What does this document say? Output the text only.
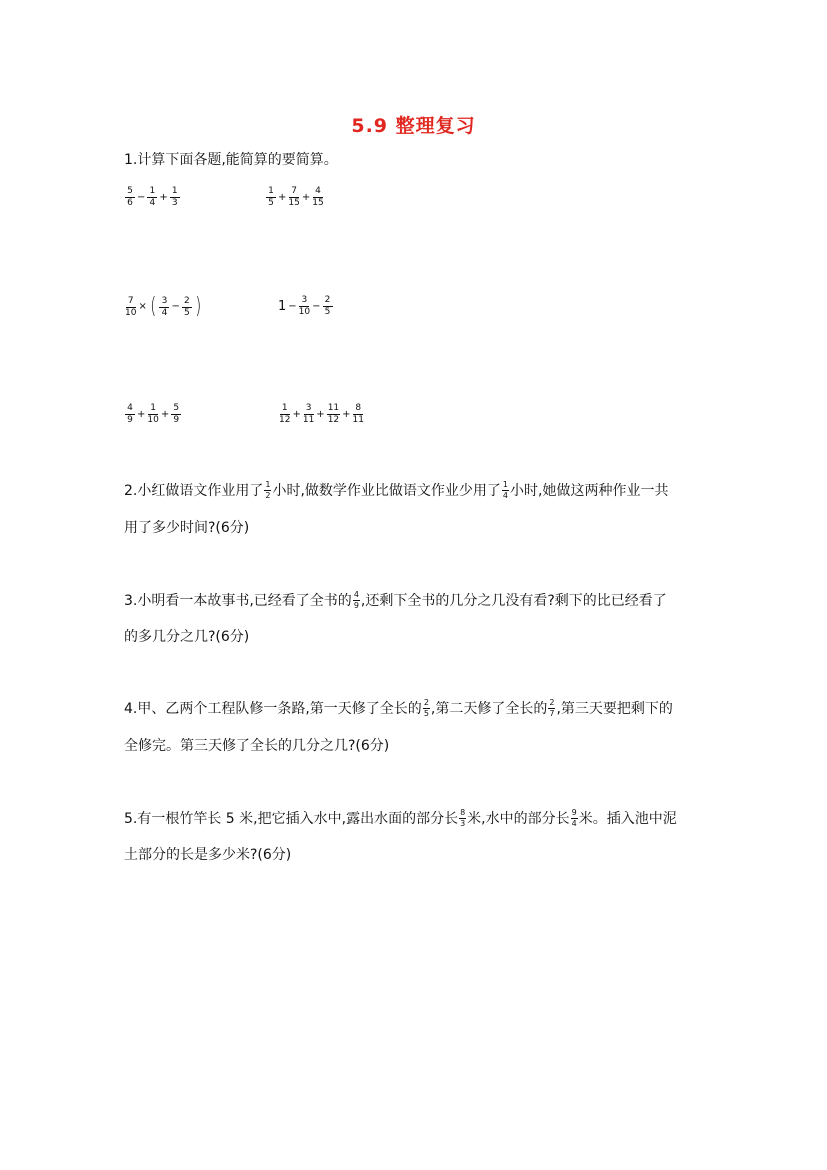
5.9 整理复习
1.计算下面各题,能简算的要简算。
$\frac{5}{6} - \frac{1}{4} + \frac{1}{3}$	$\frac{1}{5} + \frac{7}{15} + \frac{4}{15}$
$\frac{7}{10}$ × ( $\frac{3}{4} - \frac{2}{5}$ )	$1 - \frac{3}{10} - \frac{2}{5}$
$\frac{4}{9} + \frac{1}{10} + \frac{5}{9}$	$\frac{1}{12} + \frac{3}{11} + \frac{11}{12} + \frac{8}{11}$
2.小红做语文作业用了 $\frac{1}{2}$ 小时,做数学作业比做语文作业少用了 $\frac{1}{4}$ 小时,她做这两种作业一共
用了多少时间?(6分)
3.小明看一本故事书,已经看了全书的 $\frac{4}{9}$ ,还剩下全书的几分之几没有看?剩下的比已经看了
的多几分之几?(6分)
4.甲、乙两个工程队修一条路,第一天修了全长的 $\frac{2}{5}$ ,第二天修了全长的 $\frac{2}{7}$ ,第三天要把剩下的
全修完。第三天修了全长的几分之几?(6分)
5.有一根竹竿长 5 米,把它插入水中,露出水面的部分长 $\frac{8}{3}$ 米,水中的部分长 $\frac{9}{4}$ 米。插入池中泥
土部分的长是多少米?(6分)
